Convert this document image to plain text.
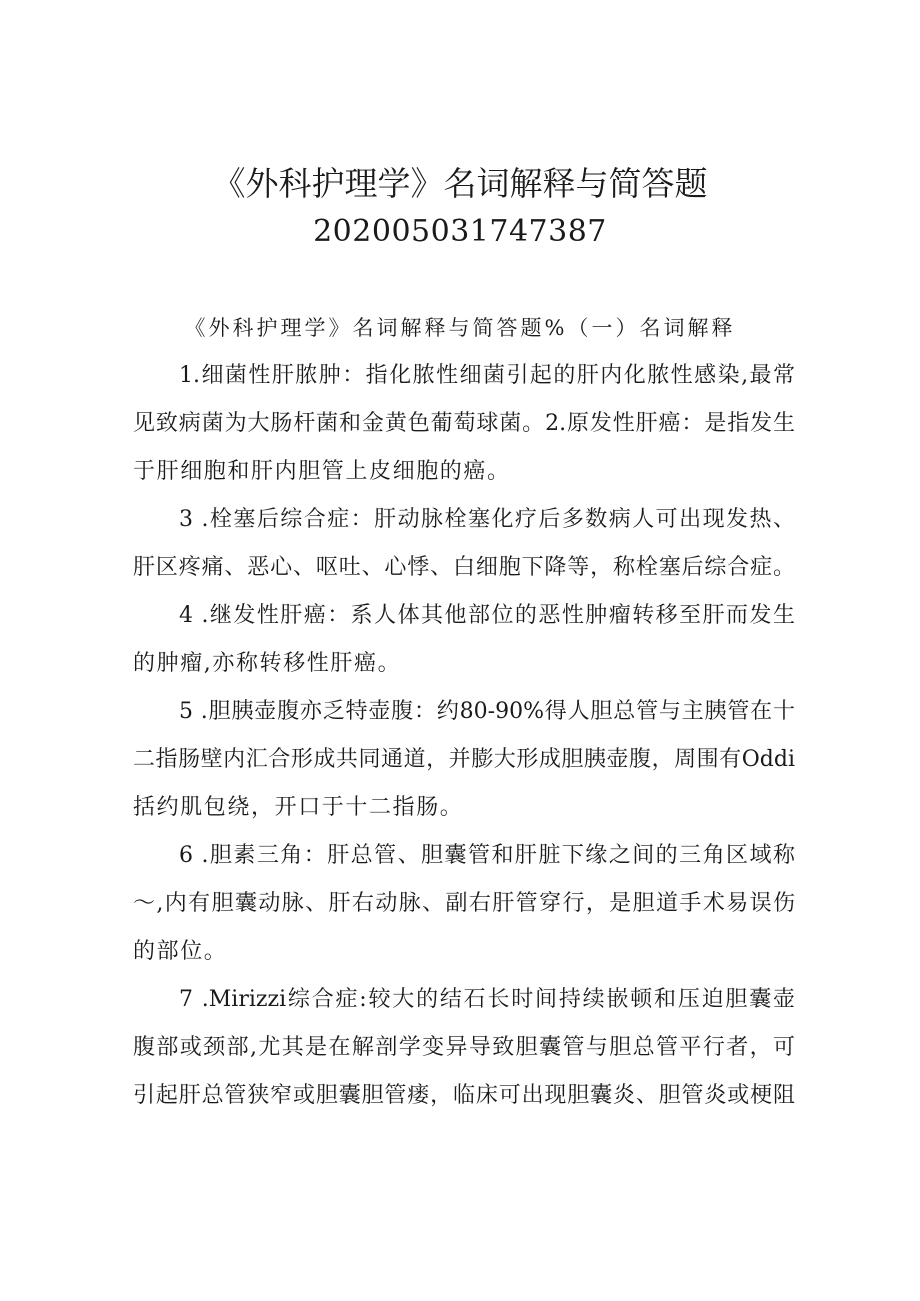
《外科护理学》名词解释与简答题
202005031747387
《外科护理学》名词解释与简答题%（一）名词解释
1.细菌性肝脓肿：指化脓性细菌引起的肝内化脓性感染,最常
见致病菌为大肠杆菌和金黄色葡萄球菌。2.原发性肝癌：是指发生
于肝细胞和肝内胆管上皮细胞的癌。
3 .栓塞后综合症：肝动脉栓塞化疗后多数病人可出现发热、
肝区疼痛、恶心、呕吐、心悸、白细胞下降等，称栓塞后综合症。
4 .继发性肝癌：系人体其他部位的恶性肿瘤转移至肝而发生
的肿瘤,亦称转移性肝癌。
5 .胆胰壶腹亦乏特壶腹：约80-90%得人胆总管与主胰管在十
二指肠壁内汇合形成共同通道，并膨大形成胆胰壶腹，周围有Oddi
括约肌包绕，开口于十二指肠。
6 .胆素三角：肝总管、胆囊管和肝脏下缘之间的三角区域称
～,内有胆囊动脉、肝右动脉、副右肝管穿行，是胆道手术易误伤
的部位。
7 .Mirizzi综合症:较大的结石长时间持续嵌顿和压迫胆囊壶
腹部或颈部,尤其是在解剖学变异导致胆囊管与胆总管平行者，可
引起肝总管狭窄或胆囊胆管瘘，临床可出现胆囊炎、胆管炎或梗阻
